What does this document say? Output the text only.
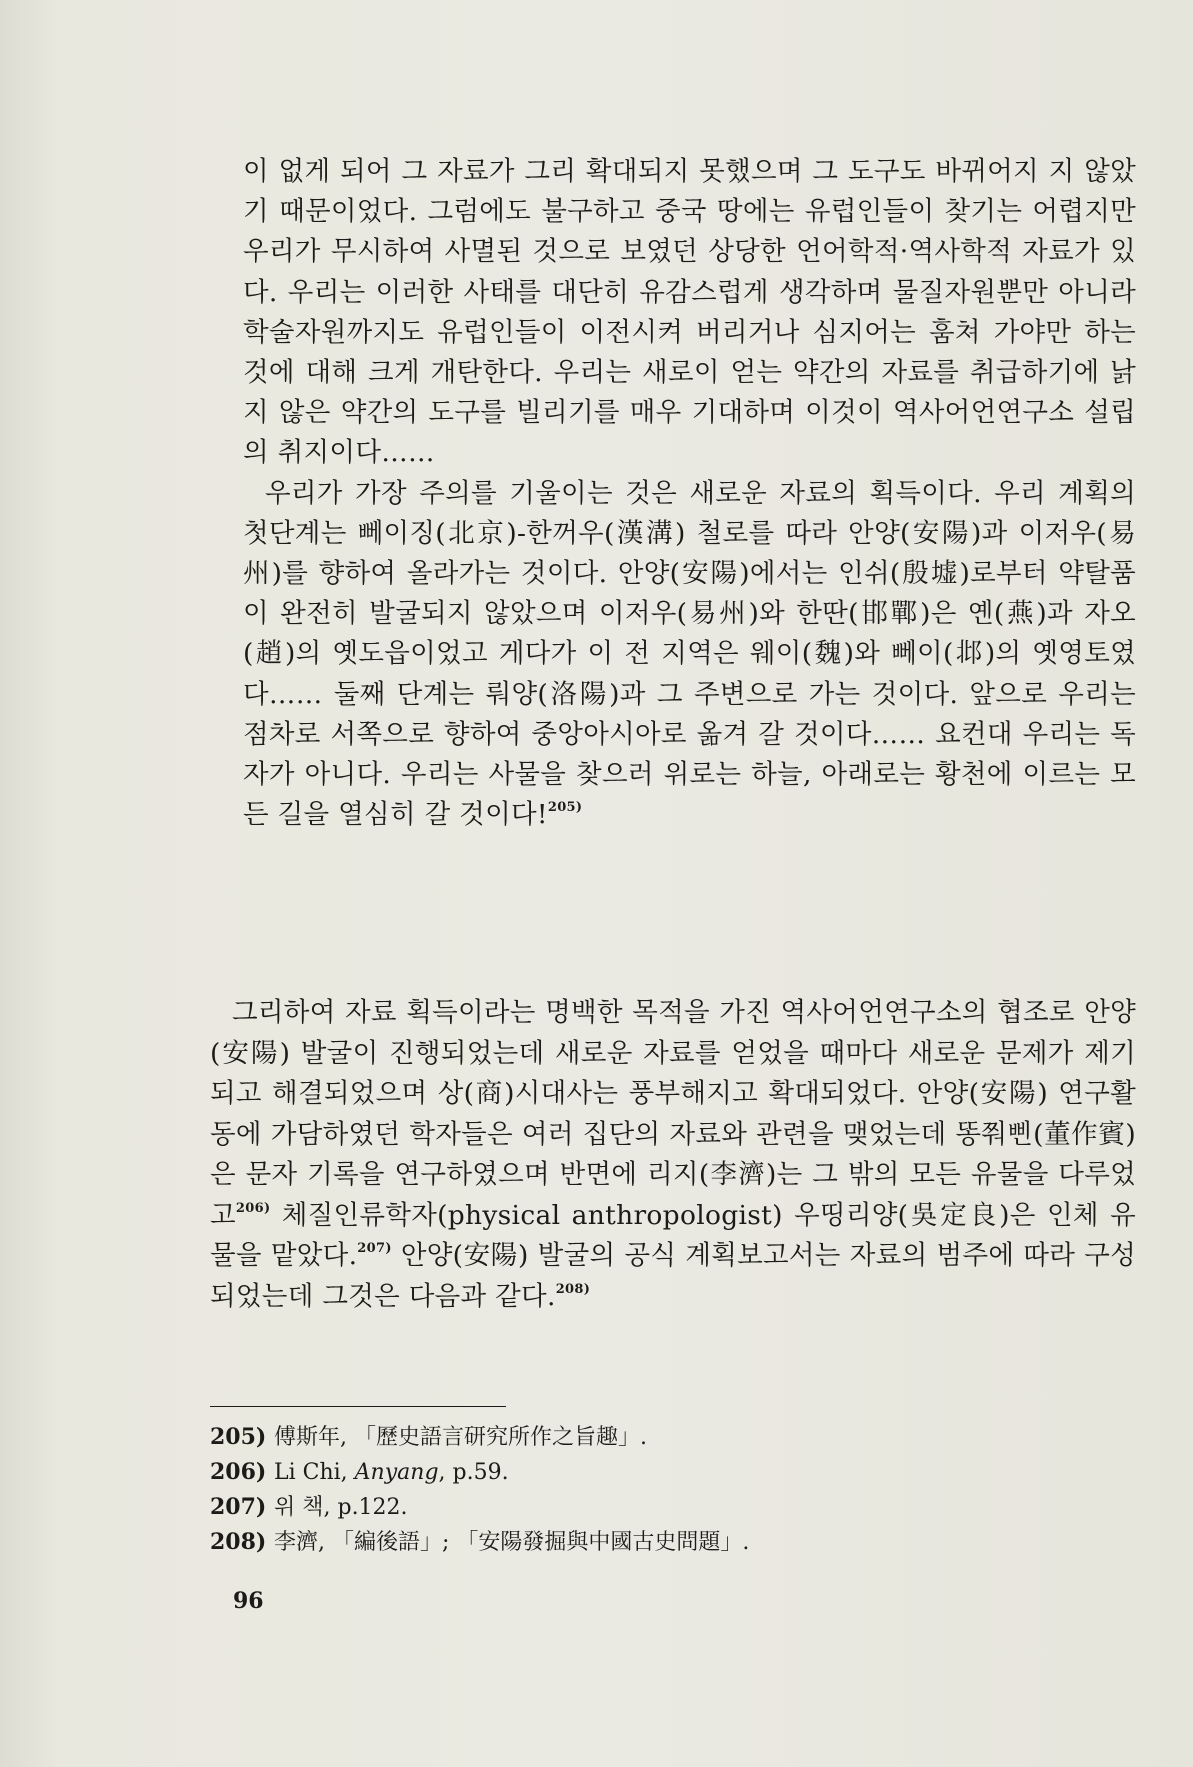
이 없게 되어 그 자료가 그리 확대되지 못했으며 그 도구도 바뀌어지 지 않았기 때문이었다. 그럼에도 불구하고 중국 땅에는 유럽인들이 찾기는 어렵지만 우리가 무시하여 사멸된 것으로 보였던 상당한 언어학적·역사학적 자료가 있다. 우리는 이러한 사태를 대단히 유감스럽게 생각하며 물질자원뿐만 아니라 학술자원까지도 유럽인들이 이전시켜 버리거나 심지어는 훔쳐 가야만 하는 것에 대해 크게 개탄한다. 우리는 새로이 얻는 약간의 자료를 취급하기에 낡지 않은 약간의 도구를 빌리기를 매우 기대하며 이것이 역사어언연구소 설립의 취지이다……

우리가 가장 주의를 기울이는 것은 새로운 자료의 획득이다. 우리 계획의 첫단계는 뻬이징(北京)-한꺼우(漢溝) 철로를 따라 안양(安陽)과 이저우(易州)를 향하여 올라가는 것이다. 안양(安陽)에서는 인쉬(殷墟)로부터 약탈품이 완전히 발굴되지 않았으며 이저우(易州)와 한딴(邯鄲)은 옌(燕)과 자오(趙)의 옛도읍이었고 게다가 이 전 지역은 웨이(魏)와 뻬이(邶)의 옛영토였다…… 둘째 단계는 뤄양(洛陽)과 그 주변으로 가는 것이다. 앞으로 우리는 점차로 서쪽으로 향하여 중앙아시아로 옮겨 갈 것이다…… 요컨대 우리는 독자가 아니다. 우리는 사물을 찾으러 위로는 하늘, 아래로는 황천에 이르는 모든 길을 열심히 갈 것이다!$^{205)}$

그리하여 자료 획득이라는 명백한 목적을 가진 역사어언연구소의 협조로 안양(安陽) 발굴이 진행되었는데 새로운 자료를 얻었을 때마다 새로운 문제가 제기되고 해결되었으며 상(商)시대사는 풍부해지고 확대되었다. 안양(安陽) 연구활동에 가담하였던 학자들은 여러 집단의 자료와 관련을 맺었는데 똥쭤삔(董作賓)은 문자 기록을 연구하였으며 반면에 리지(李濟)는 그 밖의 모든 유물을 다루었고$^{206)}$ 체질인류학자(physical anthropologist) 우띵리양(吳定良)은 인체 유물을 맡았다.$^{207)}$ 안양(安陽) 발굴의 공식 계획보고서는 자료의 범주에 따라 구성되었는데 그것은 다음과 같다.$^{208)}$

205) 傅斯年, 「歷史語言研究所作之旨趣」.
206) Li Chi, Anyang, p.59.
207) 위 책, p.122.
208) 李濟, 「編後語」; 「安陽發掘與中國古史問題」.
96
